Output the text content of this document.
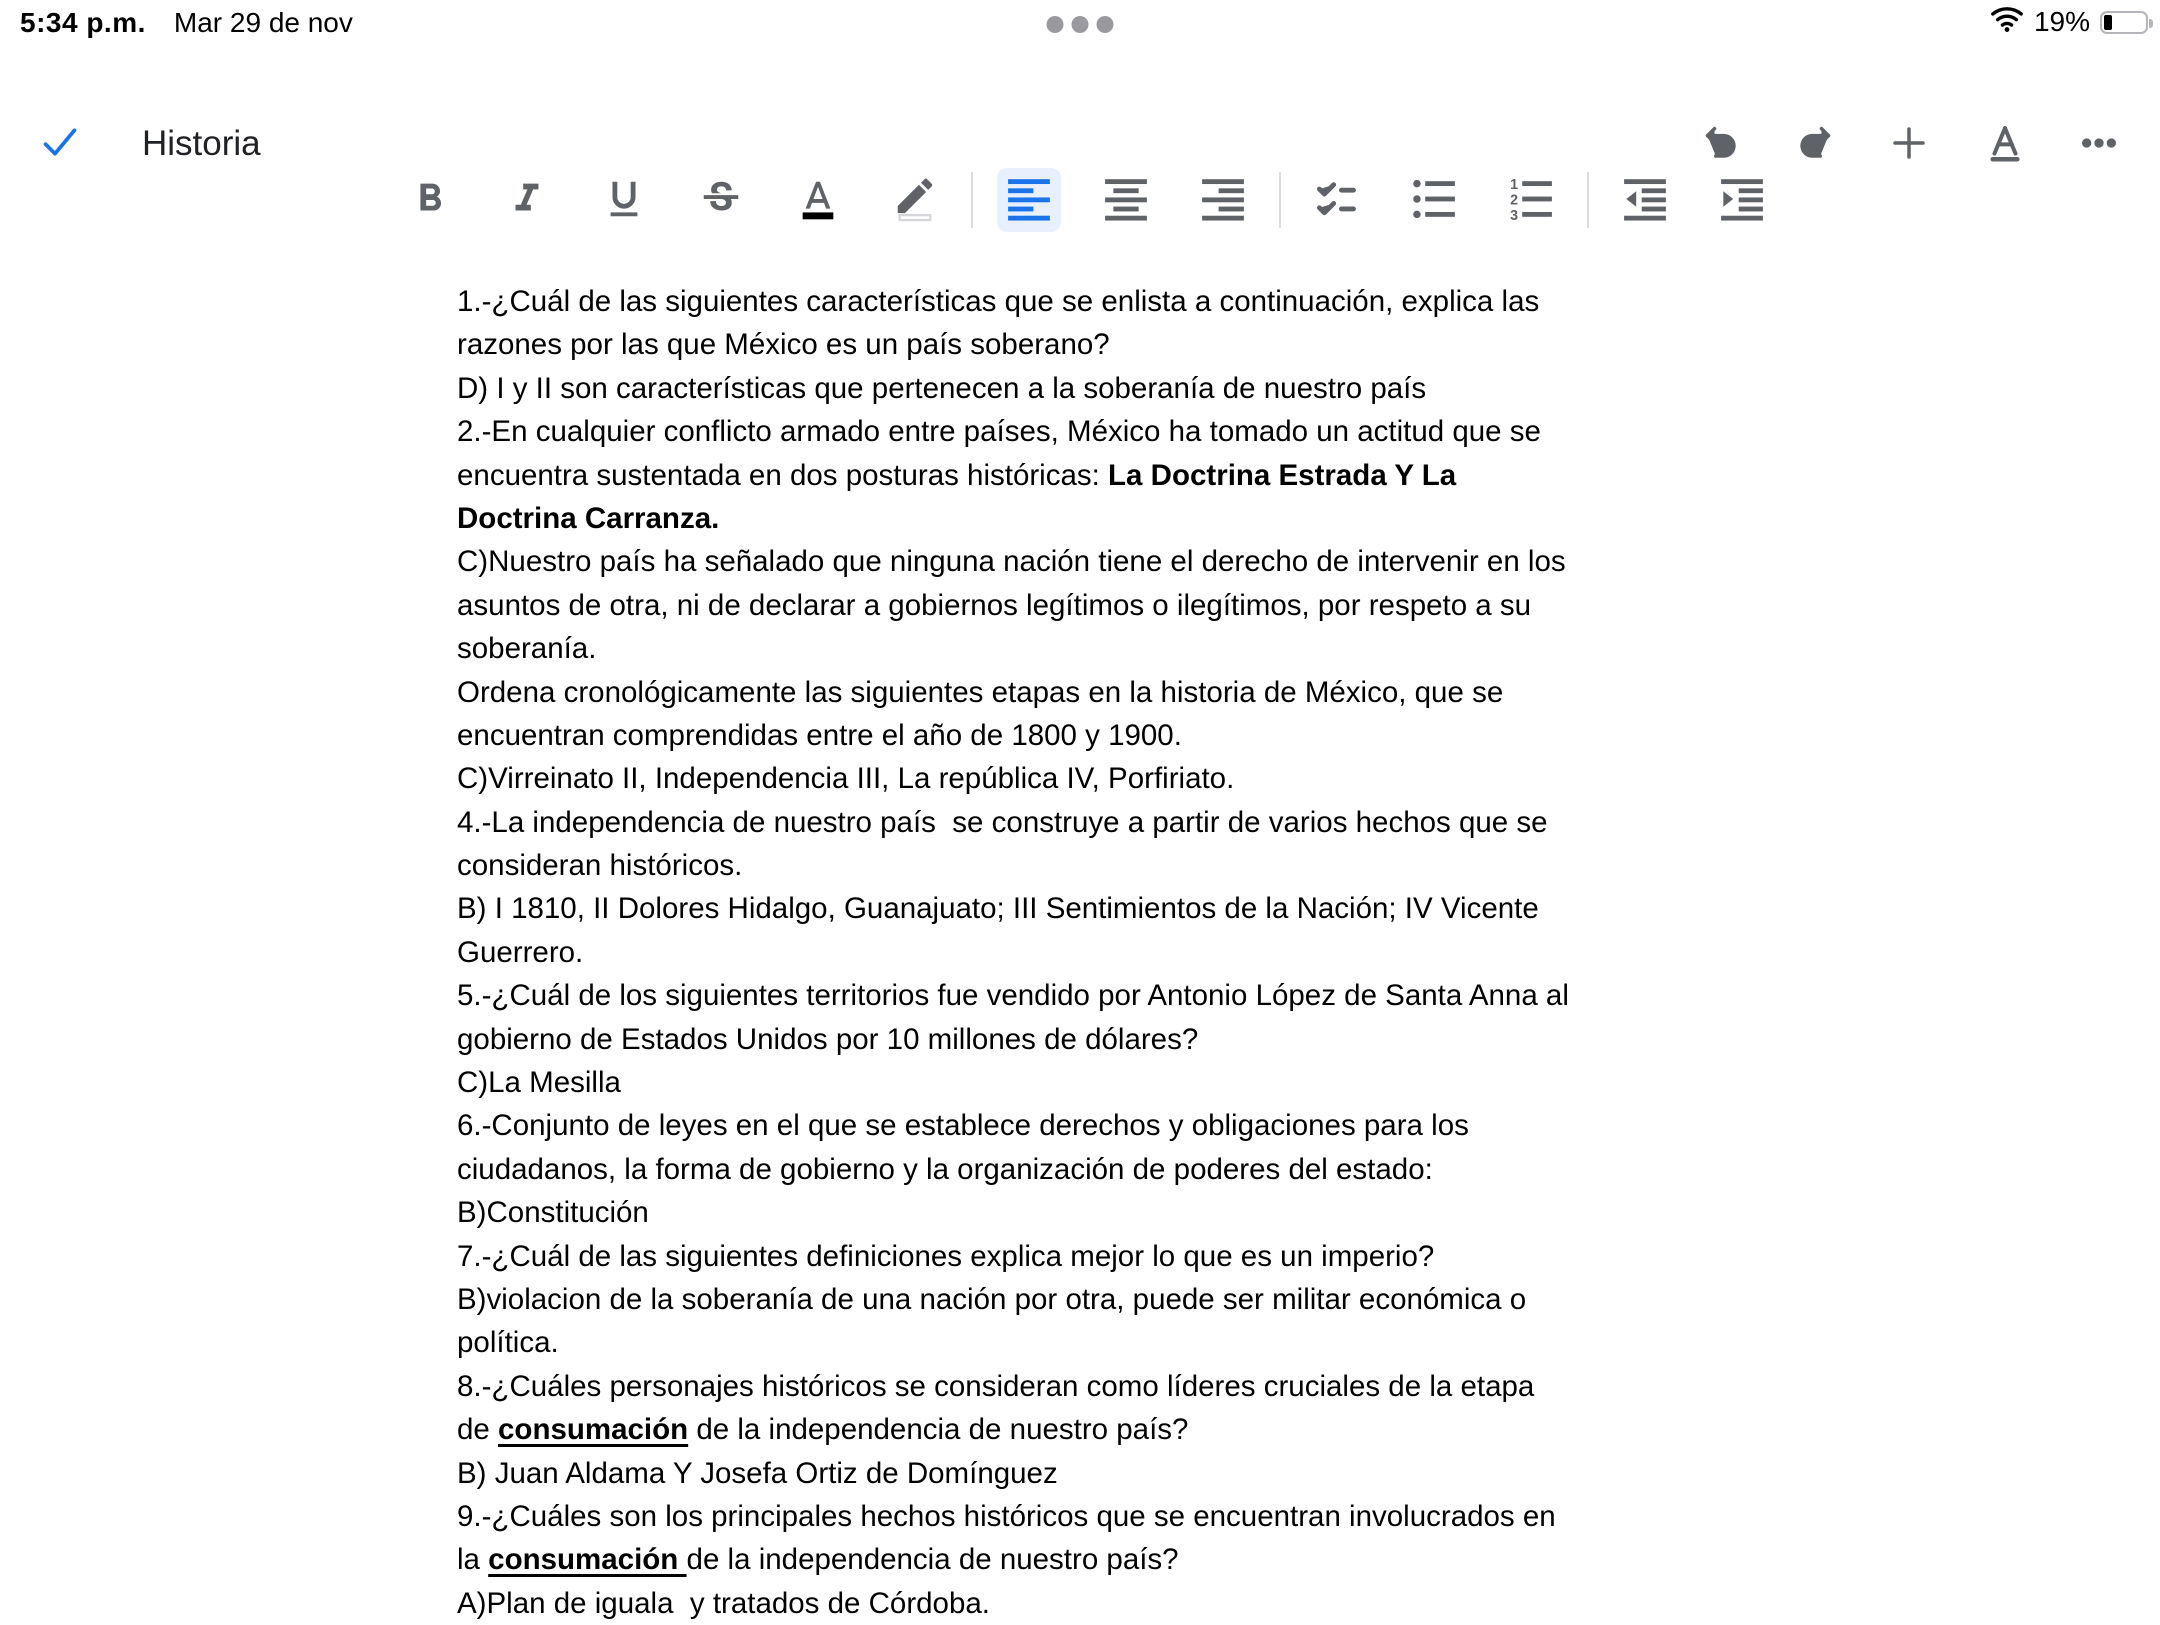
5:34 p.m. Mar 29 de nov	19%
Historia
1
2
3
1.-¿Cuál de las siguientes características que se enlista a continuación, explica las
razones por las que México es un país soberano?
D) I y II son características que pertenecen a la soberanía de nuestro país
2.-En cualquier conflicto armado entre países, México ha tomado un actitud que se
encuentra sustentada en dos posturas históricas: La Doctrina Estrada Y La
Doctrina Carranza.
C)Nuestro país ha señalado que ninguna nación tiene el derecho de intervenir en los
asuntos de otra, ni de declarar a gobiernos legítimos o ilegítimos, por respeto a su
soberanía.
Ordena cronológicamente las siguientes etapas en la historia de México, que se
encuentran comprendidas entre el año de 1800 y 1900.
C)Virreinato II, Independencia III, La república IV, Porfiriato.
4.-La independencia de nuestro país  se construye a partir de varios hechos que se
consideran históricos.
B) I 1810, II Dolores Hidalgo, Guanajuato; III Sentimientos de la Nación; IV Vicente
Guerrero.
5.-¿Cuál de los siguientes territorios fue vendido por Antonio López de Santa Anna al
gobierno de Estados Unidos por 10 millones de dólares?
C)La Mesilla
6.-Conjunto de leyes en el que se establece derechos y obligaciones para los
ciudadanos, la forma de gobierno y la organización de poderes del estado:
B)Constitución
7.-¿Cuál de las siguientes definiciones explica mejor lo que es un imperio?
B)violacion de la soberanía de una nación por otra, puede ser militar económica o
política.
8.-¿Cuáles personajes históricos se consideran como líderes cruciales de la etapa
de consumación de la independencia de nuestro país?
B) Juan Aldama Y Josefa Ortiz de Domínguez
9.-¿Cuáles son los principales hechos históricos que se encuentran involucrados en
la consumación de la independencia de nuestro país?
A)Plan de iguala  y tratados de Córdoba.
